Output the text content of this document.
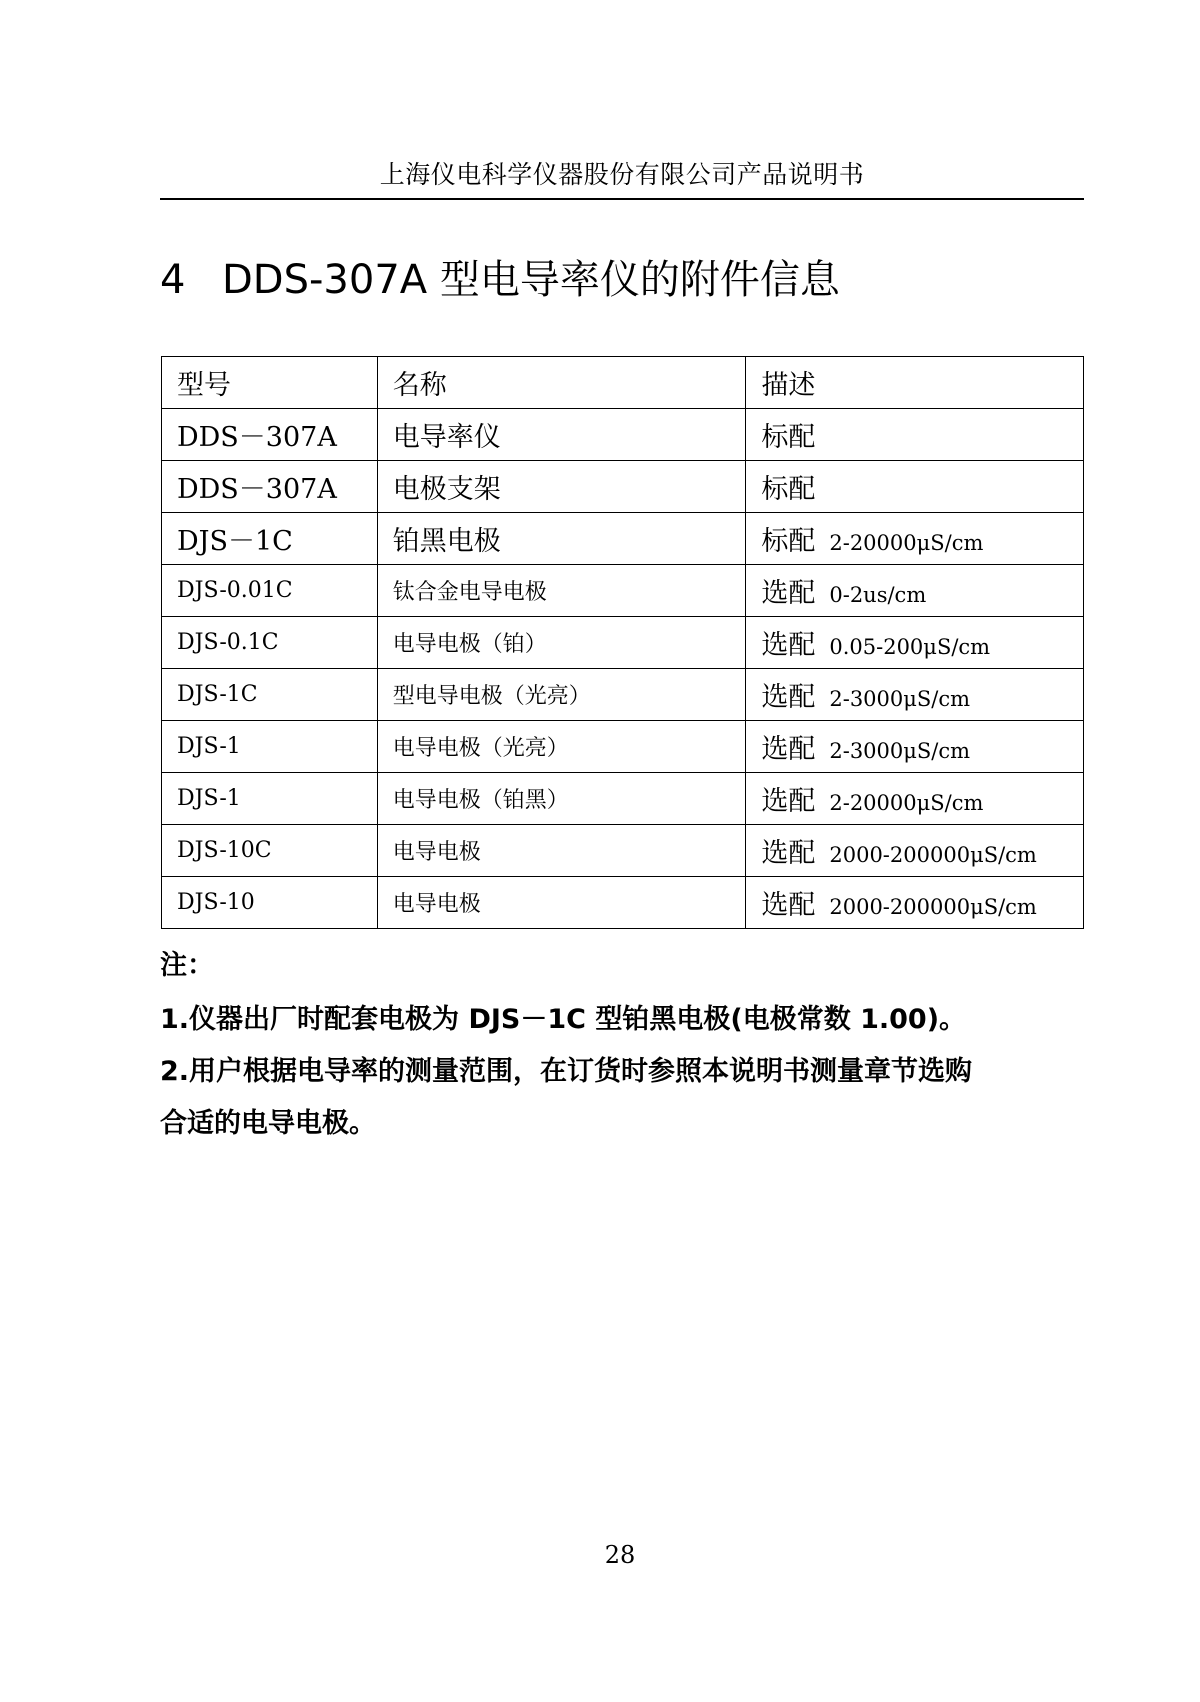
上海仪电科学仪器股份有限公司产品说明书
4 DDS-307A 型电导率仪的附件信息
型号	名称	描述
DDS－307A	电导率仪	标配
DDS－307A	电极支架	标配
DJS－1C	铂黑电极	标配 2-20000μS/cm
DJS-0.01C	钛合金电导电极	选配 0-2us/cm
DJS-0.1C	电导电极（铂）	选配 0.05-200μS/cm
DJS-1C	型电导电极（光亮）	选配 2-3000μS/cm
DJS-1	电导电极（光亮）	选配 2-3000μS/cm
DJS-1	电导电极（铂黑）	选配 2-20000μS/cm
DJS-10C	电导电极	选配 2000-200000μS/cm
DJS-10	电导电极	选配 2000-200000μS/cm
注：
1.仪器出厂时配套电极为 DJS－1C 型铂黑电极(电极常数 1.00)。
2.用户根据电导率的测量范围，在订货时参照本说明书测量章节选购
合适的电导电极。
28
